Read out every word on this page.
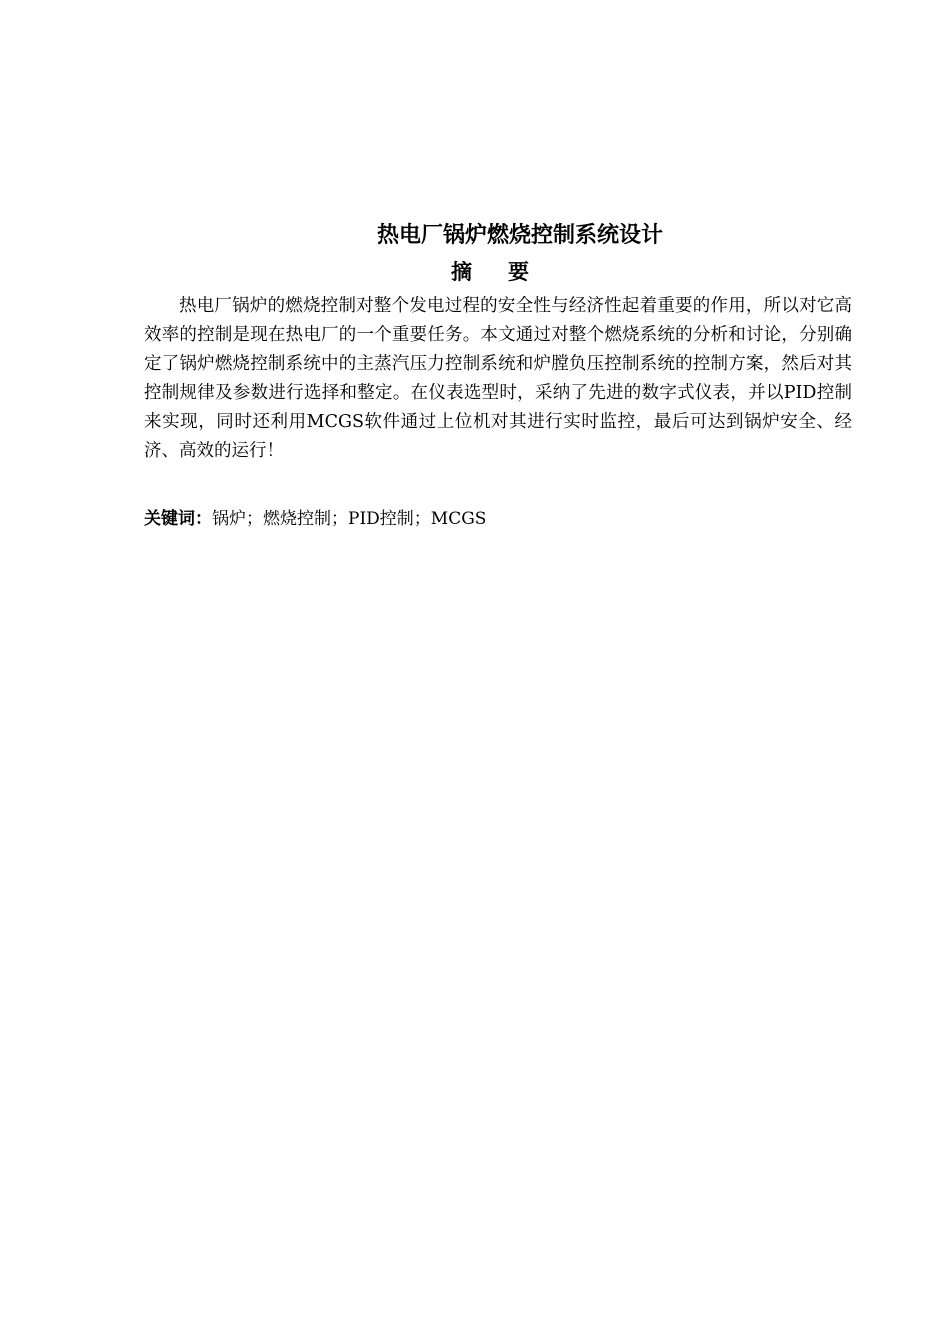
热电厂锅炉燃烧控制系统设计
摘 要

热电厂锅炉的燃烧控制对整个发电过程的安全性与经济性起着重要的作用，所以对它高效率的控制是现在热电厂的一个重要任务。本文通过对整个燃烧系统的分析和讨论，分别确定了锅炉燃烧控制系统中的主蒸汽压力控制系统和炉膛负压控制系统的控制方案，然后对其控制规律及参数进行选择和整定。在仪表选型时，采纳了先进的数字式仪表，并以PID控制来实现，同时还利用MCGS软件通过上位机对其进行实时监控，最后可达到锅炉安全、经济、高效的运行！

关键词：锅炉；燃烧控制；PID控制；MCGS
